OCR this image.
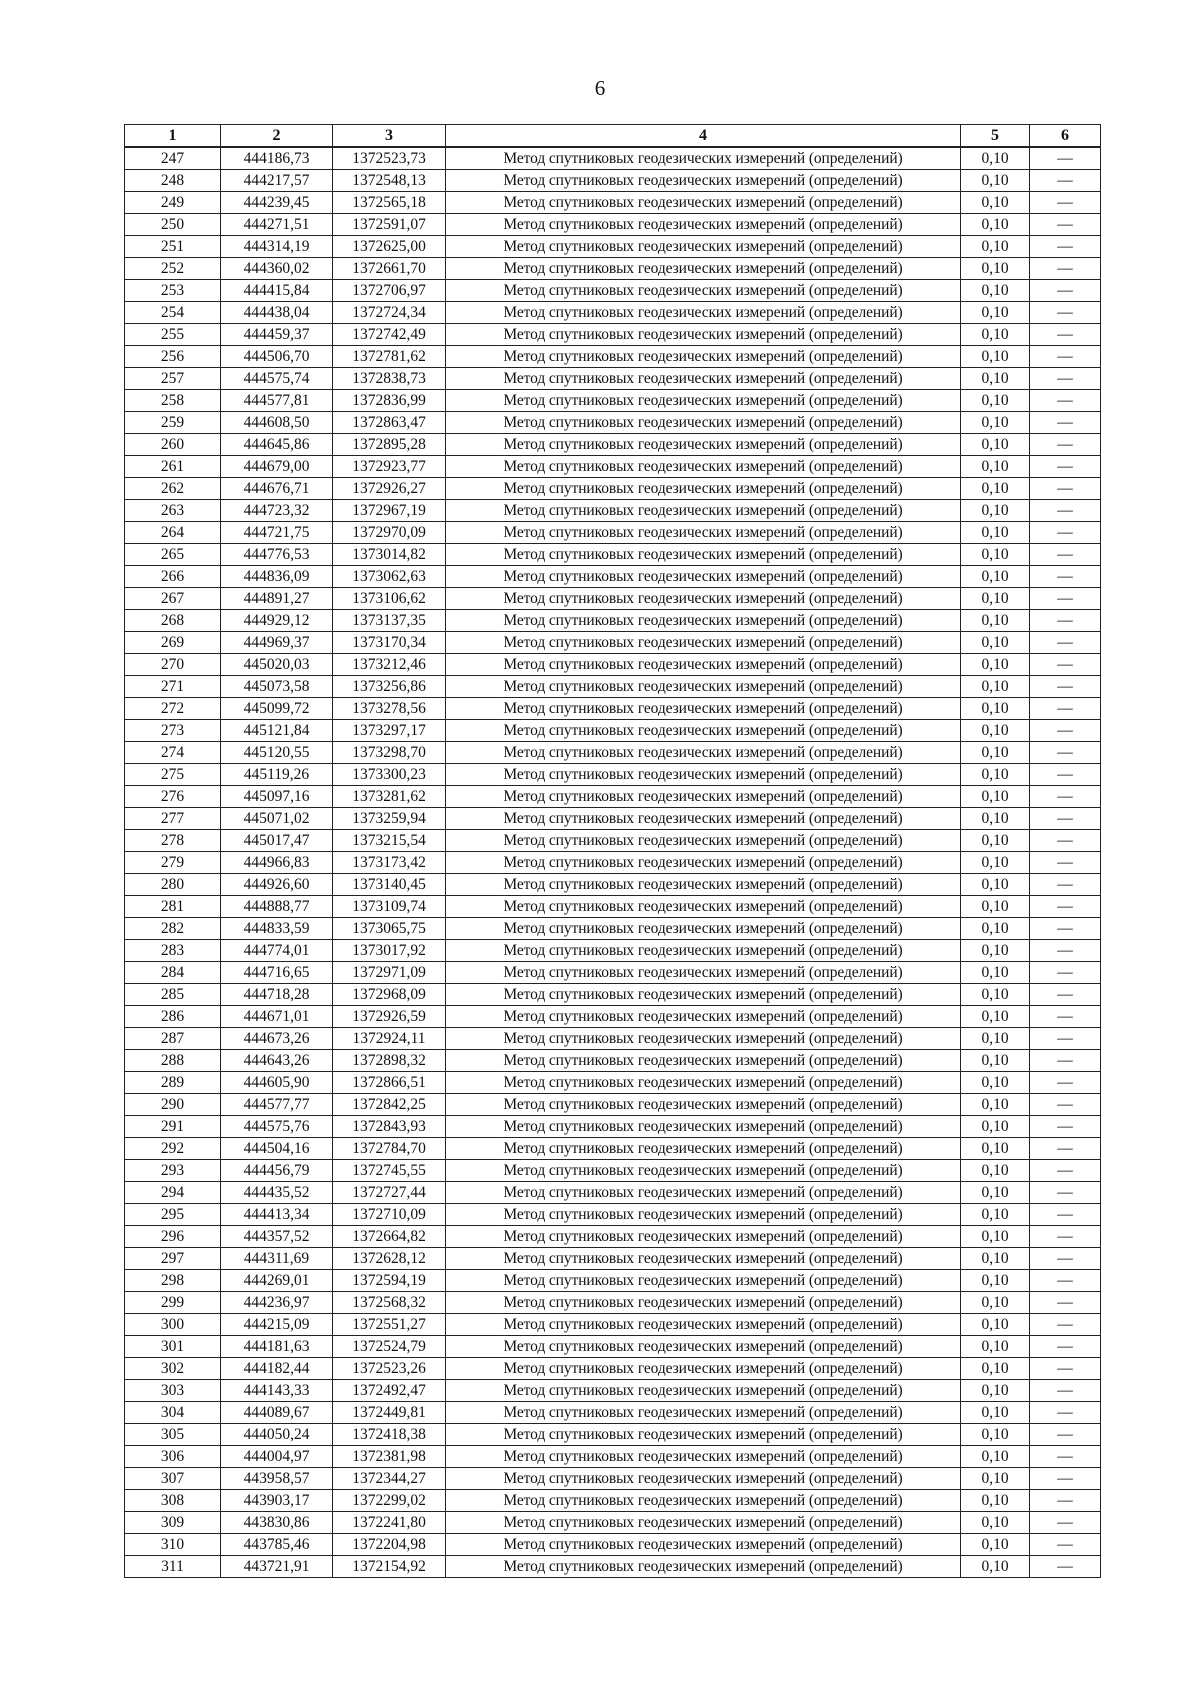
6
1	2	3	4	5	6
247	444186,73	1372523,73	Метод спутниковых геодезических измерений (определений)	0,10	—
248	444217,57	1372548,13	Метод спутниковых геодезических измерений (определений)	0,10	—
249	444239,45	1372565,18	Метод спутниковых геодезических измерений (определений)	0,10	—
250	444271,51	1372591,07	Метод спутниковых геодезических измерений (определений)	0,10	—
251	444314,19	1372625,00	Метод спутниковых геодезических измерений (определений)	0,10	—
252	444360,02	1372661,70	Метод спутниковых геодезических измерений (определений)	0,10	—
253	444415,84	1372706,97	Метод спутниковых геодезических измерений (определений)	0,10	—
254	444438,04	1372724,34	Метод спутниковых геодезических измерений (определений)	0,10	—
255	444459,37	1372742,49	Метод спутниковых геодезических измерений (определений)	0,10	—
256	444506,70	1372781,62	Метод спутниковых геодезических измерений (определений)	0,10	—
257	444575,74	1372838,73	Метод спутниковых геодезических измерений (определений)	0,10	—
258	444577,81	1372836,99	Метод спутниковых геодезических измерений (определений)	0,10	—
259	444608,50	1372863,47	Метод спутниковых геодезических измерений (определений)	0,10	—
260	444645,86	1372895,28	Метод спутниковых геодезических измерений (определений)	0,10	—
261	444679,00	1372923,77	Метод спутниковых геодезических измерений (определений)	0,10	—
262	444676,71	1372926,27	Метод спутниковых геодезических измерений (определений)	0,10	—
263	444723,32	1372967,19	Метод спутниковых геодезических измерений (определений)	0,10	—
264	444721,75	1372970,09	Метод спутниковых геодезических измерений (определений)	0,10	—
265	444776,53	1373014,82	Метод спутниковых геодезических измерений (определений)	0,10	—
266	444836,09	1373062,63	Метод спутниковых геодезических измерений (определений)	0,10	—
267	444891,27	1373106,62	Метод спутниковых геодезических измерений (определений)	0,10	—
268	444929,12	1373137,35	Метод спутниковых геодезических измерений (определений)	0,10	—
269	444969,37	1373170,34	Метод спутниковых геодезических измерений (определений)	0,10	—
270	445020,03	1373212,46	Метод спутниковых геодезических измерений (определений)	0,10	—
271	445073,58	1373256,86	Метод спутниковых геодезических измерений (определений)	0,10	—
272	445099,72	1373278,56	Метод спутниковых геодезических измерений (определений)	0,10	—
273	445121,84	1373297,17	Метод спутниковых геодезических измерений (определений)	0,10	—
274	445120,55	1373298,70	Метод спутниковых геодезических измерений (определений)	0,10	—
275	445119,26	1373300,23	Метод спутниковых геодезических измерений (определений)	0,10	—
276	445097,16	1373281,62	Метод спутниковых геодезических измерений (определений)	0,10	—
277	445071,02	1373259,94	Метод спутниковых геодезических измерений (определений)	0,10	—
278	445017,47	1373215,54	Метод спутниковых геодезических измерений (определений)	0,10	—
279	444966,83	1373173,42	Метод спутниковых геодезических измерений (определений)	0,10	—
280	444926,60	1373140,45	Метод спутниковых геодезических измерений (определений)	0,10	—
281	444888,77	1373109,74	Метод спутниковых геодезических измерений (определений)	0,10	—
282	444833,59	1373065,75	Метод спутниковых геодезических измерений (определений)	0,10	—
283	444774,01	1373017,92	Метод спутниковых геодезических измерений (определений)	0,10	—
284	444716,65	1372971,09	Метод спутниковых геодезических измерений (определений)	0,10	—
285	444718,28	1372968,09	Метод спутниковых геодезических измерений (определений)	0,10	—
286	444671,01	1372926,59	Метод спутниковых геодезических измерений (определений)	0,10	—
287	444673,26	1372924,11	Метод спутниковых геодезических измерений (определений)	0,10	—
288	444643,26	1372898,32	Метод спутниковых геодезических измерений (определений)	0,10	—
289	444605,90	1372866,51	Метод спутниковых геодезических измерений (определений)	0,10	—
290	444577,77	1372842,25	Метод спутниковых геодезических измерений (определений)	0,10	—
291	444575,76	1372843,93	Метод спутниковых геодезических измерений (определений)	0,10	—
292	444504,16	1372784,70	Метод спутниковых геодезических измерений (определений)	0,10	—
293	444456,79	1372745,55	Метод спутниковых геодезических измерений (определений)	0,10	—
294	444435,52	1372727,44	Метод спутниковых геодезических измерений (определений)	0,10	—
295	444413,34	1372710,09	Метод спутниковых геодезических измерений (определений)	0,10	—
296	444357,52	1372664,82	Метод спутниковых геодезических измерений (определений)	0,10	—
297	444311,69	1372628,12	Метод спутниковых геодезических измерений (определений)	0,10	—
298	444269,01	1372594,19	Метод спутниковых геодезических измерений (определений)	0,10	—
299	444236,97	1372568,32	Метод спутниковых геодезических измерений (определений)	0,10	—
300	444215,09	1372551,27	Метод спутниковых геодезических измерений (определений)	0,10	—
301	444181,63	1372524,79	Метод спутниковых геодезических измерений (определений)	0,10	—
302	444182,44	1372523,26	Метод спутниковых геодезических измерений (определений)	0,10	—
303	444143,33	1372492,47	Метод спутниковых геодезических измерений (определений)	0,10	—
304	444089,67	1372449,81	Метод спутниковых геодезических измерений (определений)	0,10	—
305	444050,24	1372418,38	Метод спутниковых геодезических измерений (определений)	0,10	—
306	444004,97	1372381,98	Метод спутниковых геодезических измерений (определений)	0,10	—
307	443958,57	1372344,27	Метод спутниковых геодезических измерений (определений)	0,10	—
308	443903,17	1372299,02	Метод спутниковых геодезических измерений (определений)	0,10	—
309	443830,86	1372241,80	Метод спутниковых геодезических измерений (определений)	0,10	—
310	443785,46	1372204,98	Метод спутниковых геодезических измерений (определений)	0,10	—
311	443721,91	1372154,92	Метод спутниковых геодезических измерений (определений)	0,10	—
